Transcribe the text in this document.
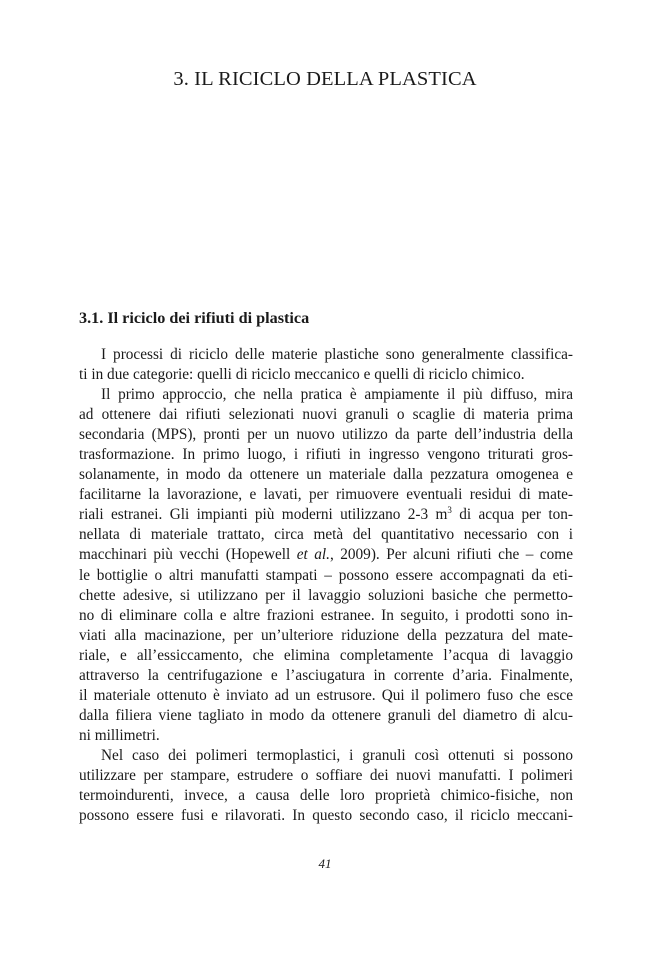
3. IL RICICLO DELLA PLASTICA
3.1. Il riciclo dei rifiuti di plastica
I processi di riciclo delle materie plastiche sono generalmente classifica-
ti in due categorie: quelli di riciclo meccanico e quelli di riciclo chimico.
Il primo approccio, che nella pratica è ampiamente il più diffuso, mira
ad ottenere dai rifiuti selezionati nuovi granuli o scaglie di materia prima
secondaria (MPS), pronti per un nuovo utilizzo da parte dell’industria della
trasformazione. In primo luogo, i rifiuti in ingresso vengono triturati gros-
solanamente, in modo da ottenere un materiale dalla pezzatura omogenea e
facilitarne la lavorazione, e lavati, per rimuovere eventuali residui di mate-
riali estranei. Gli impianti più moderni utilizzano 2-3 $m^3$ di acqua per ton-
nellata di materiale trattato, circa metà del quantitativo necessario con i
macchinari più vecchi (Hopewell et al., 2009). Per alcuni rifiuti che – come
le bottiglie o altri manufatti stampati – possono essere accompagnati da eti-
chette adesive, si utilizzano per il lavaggio soluzioni basiche che permetto-
no di eliminare colla e altre frazioni estranee. In seguito, i prodotti sono in-
viati alla macinazione, per un’ulteriore riduzione della pezzatura del mate-
riale, e all’essiccamento, che elimina completamente l’acqua di lavaggio
attraverso la centrifugazione e l’asciugatura in corrente d’aria. Finalmente,
il materiale ottenuto è inviato ad un estrusore. Qui il polimero fuso che esce
dalla filiera viene tagliato in modo da ottenere granuli del diametro di alcu-
ni millimetri.
Nel caso dei polimeri termoplastici, i granuli così ottenuti si possono
utilizzare per stampare, estrudere o soffiare dei nuovi manufatti. I polimeri
termoindurenti, invece, a causa delle loro proprietà chimico-fisiche, non
possono essere fusi e rilavorati. In questo secondo caso, il riciclo meccani-
41
